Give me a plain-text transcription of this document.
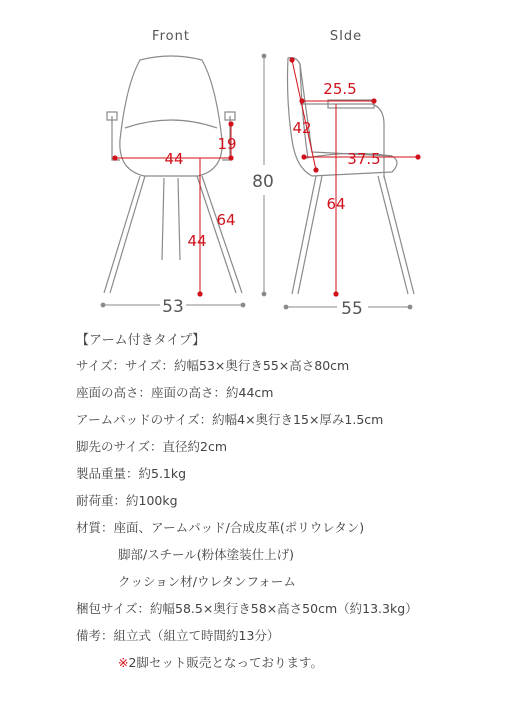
Front	SIde
44
19
44
64
53
80
25.5
42
37.5
64
55
【アーム付きタイプ】
サイズ：サイズ：約幅53×奥行き55×高さ80cm
座面の高さ：座面の高さ：約44cm
アームパッドのサイズ：約幅4×奥行き15×厚み1.5cm
脚先のサイズ：直径約2cm
製品重量：約5.1kg
耐荷重：約100kg
材質：座面、アームパッド/合成皮革(ポリウレタン)
脚部/スチール(粉体塗装仕上げ)
クッション材/ウレタンフォーム
梱包サイズ：約幅58.5×奥行き58×高さ50cm（約13.3kg）
備考：組立式（組立て時間約13分）
※2脚セット販売となっております。
